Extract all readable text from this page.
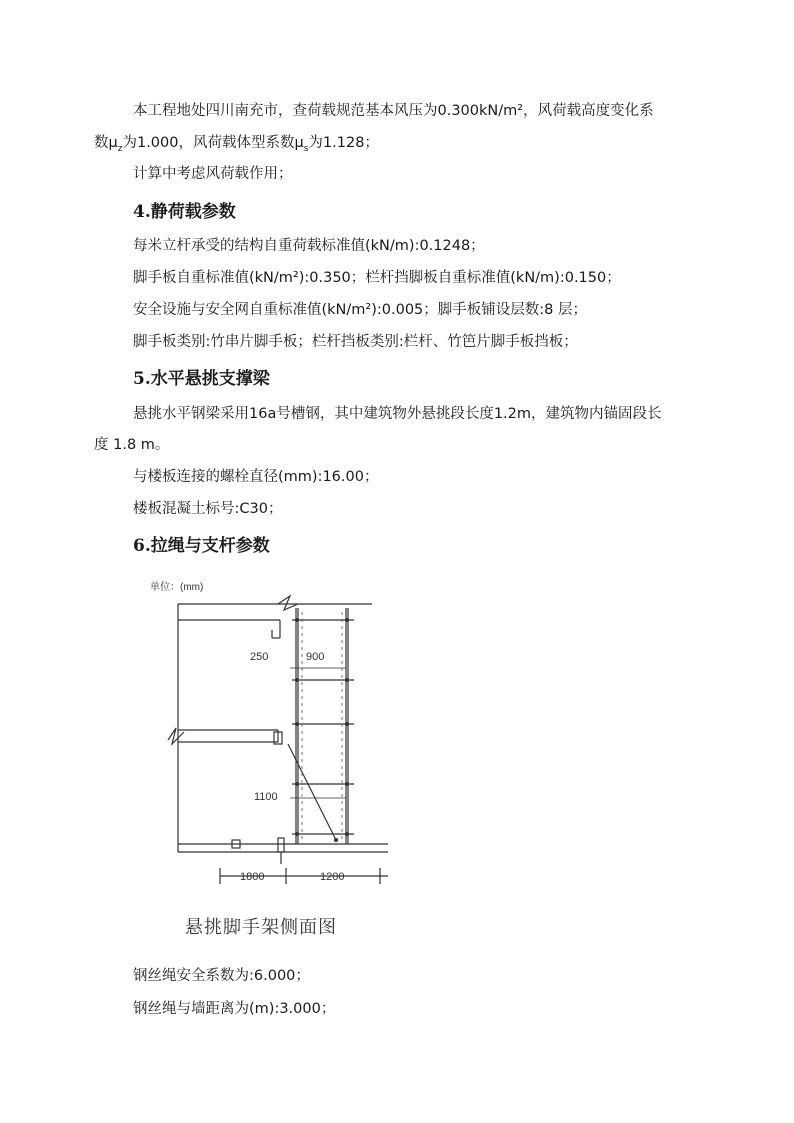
本工程地处四川南充市，查荷载规范基本风压为0.300kN/m²，风荷载高度变化系
数$\mu_z$为1.000，风荷载体型系数$\mu_s$为1.128；
计算中考虑风荷载作用；
4.静荷载参数
每米立杆承受的结构自重荷载标准值(kN/m):0.1248；
脚手板自重标准值(kN/m²):0.350；栏杆挡脚板自重标准值(kN/m):0.150；
安全设施与安全网自重标准值(kN/m²):0.005；脚手板铺设层数:8 层；
脚手板类别:竹串片脚手板；栏杆挡板类别:栏杆、竹笆片脚手板挡板；
5.水平悬挑支撑梁
悬挑水平钢梁采用16a号槽钢，其中建筑物外悬挑段长度1.2m，建筑物内锚固段长
度 1.8 m。
与楼板连接的螺栓直径(mm):16.00；
楼板混凝土标号:C30；
6.拉绳与支杆参数
单位：(mm)
250	900
1100
1800	1200
悬挑脚手架侧面图
钢丝绳安全系数为:6.000；
钢丝绳与墙距离为(m):3.000；
